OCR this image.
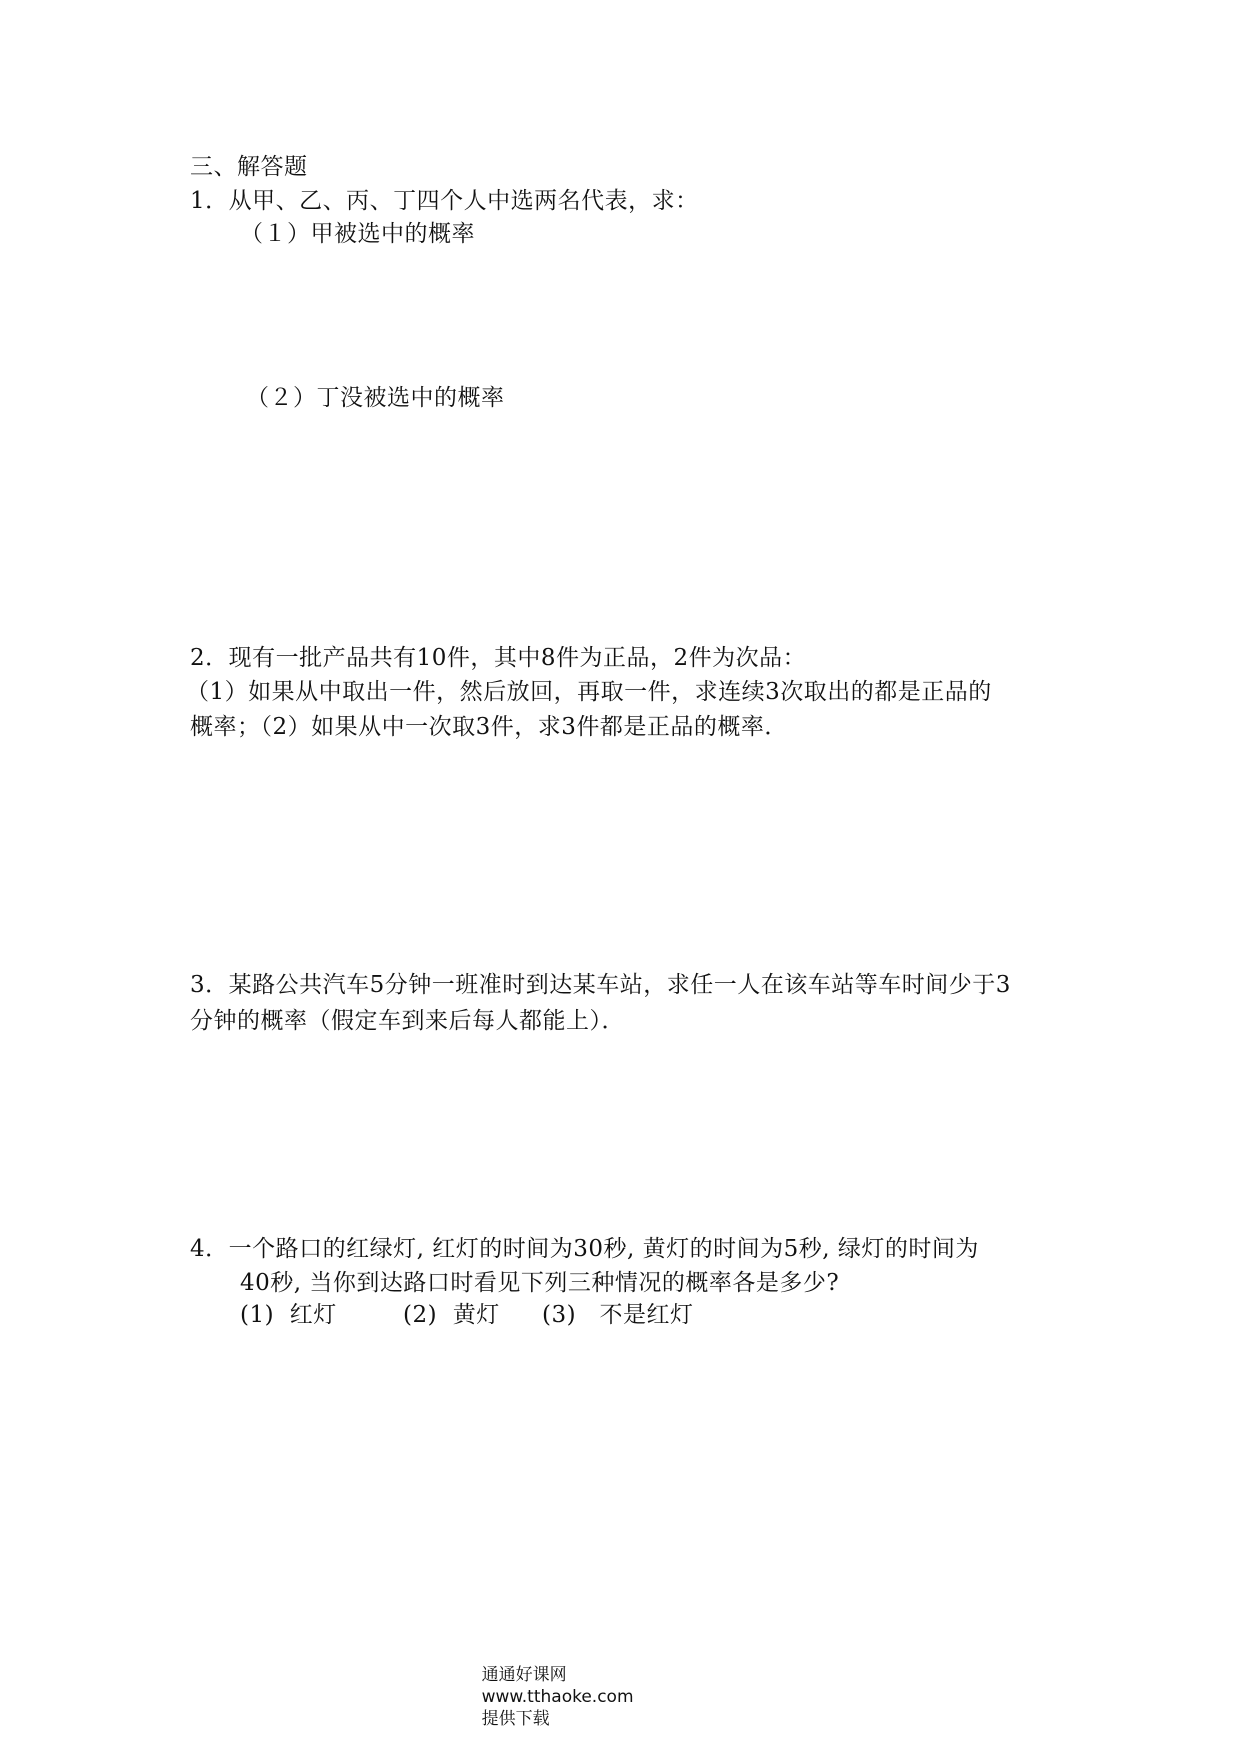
三、解答题
1．从甲、乙、丙、丁四个人中选两名代表，求：
（１）甲被选中的概率
（２）丁没被选中的概率
2．现有一批产品共有10件，其中8件为正品，2件为次品：
（1）如果从中取出一件，然后放回，再取一件，求连续3次取出的都是正品的
概率；（2）如果从中一次取3件，求3件都是正品的概率．
3．某路公共汽车5分钟一班准时到达某车站，求任一人在该车站等车时间少于3
分钟的概率（假定车到来后每人都能上）．
4．一个路口的红绿灯, 红灯的时间为30秒, 黄灯的时间为5秒, 绿灯的时间为
40秒, 当你到达路口时看见下列三种情况的概率各是多少?
(1)  红灯	(2)  黄灯 (3)   不是红灯

通通好课网
www.tthaoke.com
提供下载
